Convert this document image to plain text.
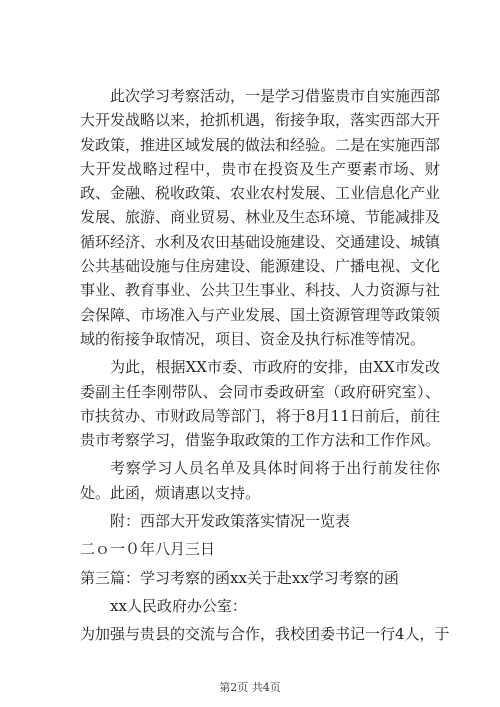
此次学习考察活动，一是学习借鉴贵市自实施西部大开发战略以来，抢抓机遇，衔接争取，落实西部大开发政策，推进区域发展的做法和经验。二是在实施西部大开发战略过程中，贵市在投资及生产要素市场、财政、金融、税收政策、农业农村发展、工业信息化产业发展、旅游、商业贸易、林业及生态环境、节能减排及循环经济、水利及农田基础设施建设、交通建设、城镇公共基础设施与住房建设、能源建设、广播电视、文化事业、教育事业、公共卫生事业、科技、人力资源与社会保障、市场准入与产业发展、国土资源管理等政策领域的衔接争取情况，项目、资金及执行标准等情况。

为此，根据XX市委、市政府的安排，由XX市发改委副主任李刚带队、会同市委政研室（政府研究室）、市扶贫办、市财政局等部门，将于8月11日前后，前往贵市考察学习，借鉴争取政策的工作方法和工作作风。

考察学习人员名单及具体时间将于出行前发往你处。此函，烦请惠以支持。

附：西部大开发政策落实情况一览表

二ｏ一０年八月三日

第三篇：学习考察的函xx关于赴xx学习考察的函

xx人民政府办公室：

为加强与贵县的交流与合作，我校团委书记一行4人，于

第2页 共4页
